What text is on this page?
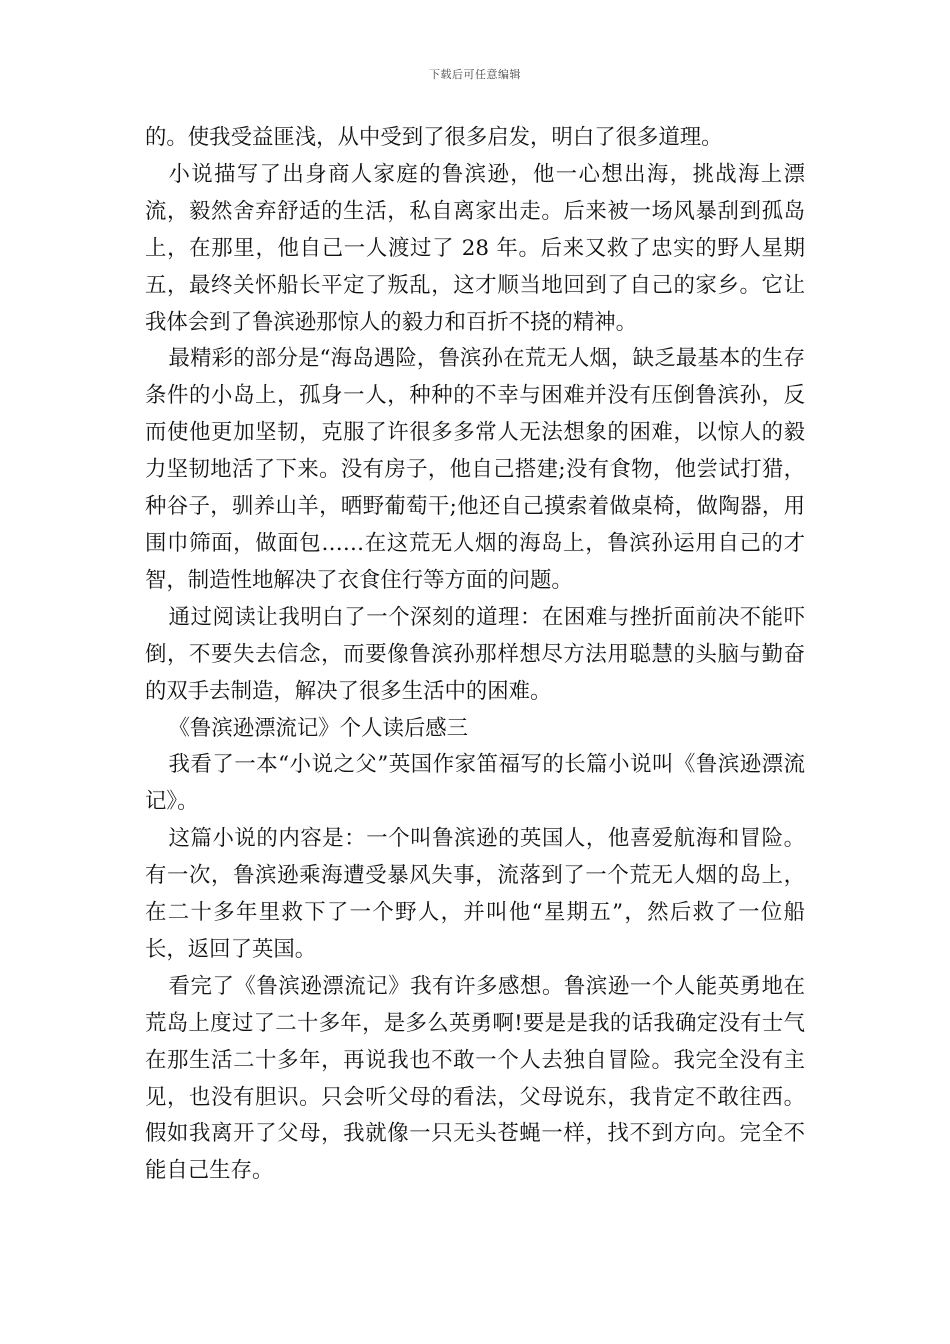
下载后可任意编辑

的。使我受益匪浅，从中受到了很多启发，明白了很多道理。

小说描写了出身商人家庭的鲁滨逊，他一心想出海，挑战海上漂流，毅然舍弃舒适的生活，私自离家出走。后来被一场风暴刮到孤岛上，在那里，他自己一人渡过了 28 年。后来又救了忠实的野人星期五，最终关怀船长平定了叛乱，这才顺当地回到了自己的家乡。它让我体会到了鲁滨逊那惊人的毅力和百折不挠的精神。

最精彩的部分是“海岛遇险，鲁滨孙在荒无人烟，缺乏最基本的生存条件的小岛上，孤身一人，种种的不幸与困难并没有压倒鲁滨孙，反而使他更加坚韧，克服了许很多多常人无法想象的困难，以惊人的毅力坚韧地活了下来。没有房子，他自己搭建;没有食物，他尝试打猎，种谷子，驯养山羊，晒野葡萄干;他还自己摸索着做桌椅，做陶器，用围巾筛面，做面包……在这荒无人烟的海岛上，鲁滨孙运用自己的才智，制造性地解决了衣食住行等方面的问题。

通过阅读让我明白了一个深刻的道理：在困难与挫折面前决不能吓倒，不要失去信念，而要像鲁滨孙那样想尽方法用聪慧的头脑与勤奋的双手去制造，解决了很多生活中的困难。

《鲁滨逊漂流记》个人读后感三

我看了一本“小说之父”英国作家笛福写的长篇小说叫《鲁滨逊漂流记》。

这篇小说的内容是：一个叫鲁滨逊的英国人，他喜爱航海和冒险。有一次，鲁滨逊乘海遭受暴风失事，流落到了一个荒无人烟的岛上，在二十多年里救下了一个野人，并叫他“星期五”，然后救了一位船长，返回了英国。

看完了《鲁滨逊漂流记》我有许多感想。鲁滨逊一个人能英勇地在荒岛上度过了二十多年，是多么英勇啊!要是是我的话我确定没有士气在那生活二十多年，再说我也不敢一个人去独自冒险。我完全没有主见，也没有胆识。只会听父母的看法，父母说东，我肯定不敢往西。假如我离开了父母，我就像一只无头苍蝇一样，找不到方向。完全不能自己生存。
